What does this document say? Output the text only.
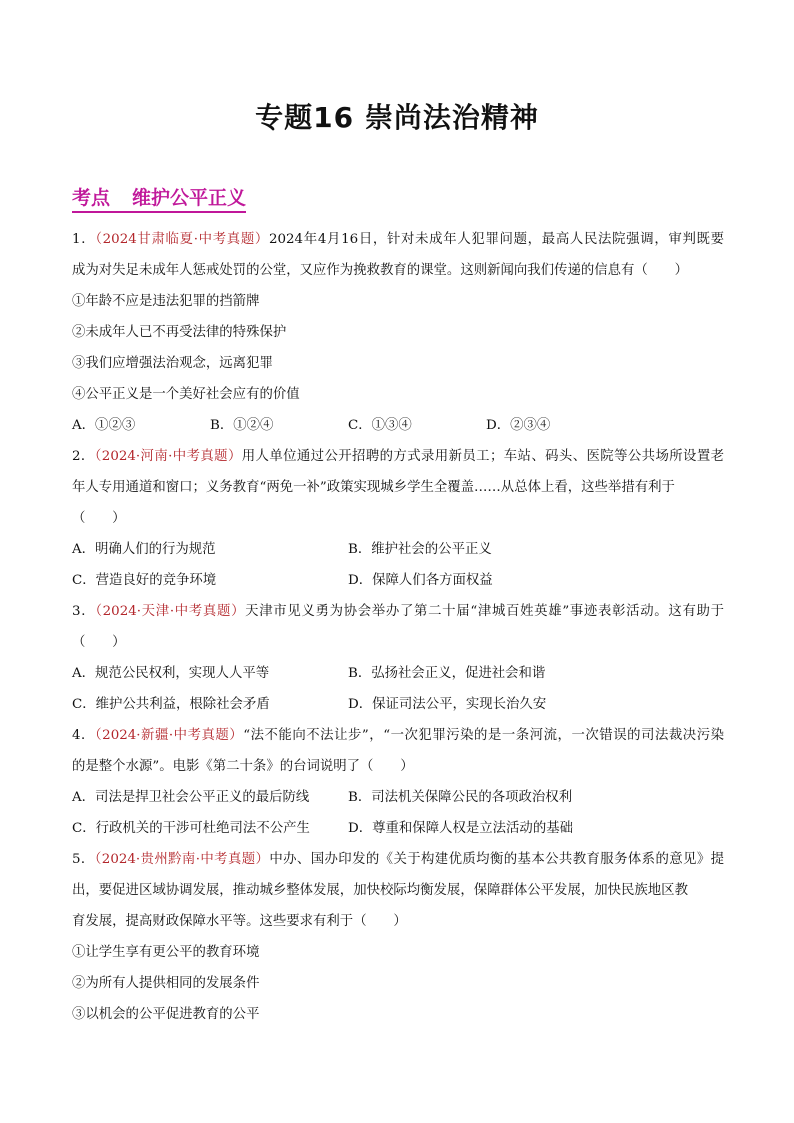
专题16 崇尚法治精神
考点 维护公平正义
1．（2024甘肃临夏·中考真题）2024年4月16日，针对未成年人犯罪问题，最高人民法院强调，审判既要
成为对失足未成年人惩戒处罚的公堂，又应作为挽救教育的课堂。这则新闻向我们传递的信息有（　　）
①年龄不应是违法犯罪的挡箭牌
②未成年人已不再受法律的特殊保护
③我们应增强法治观念，远离犯罪
④公平正义是一个美好社会应有的价值
A．①②③	B．①②④	C．①③④	D．②③④
2．（2024·河南·中考真题）用人单位通过公开招聘的方式录用新员工；车站、码头、医院等公共场所设置老
年人专用通道和窗口；义务教育“两免一补”政策实现城乡学生全覆盖……从总体上看，这些举措有利于
（　　）
A．明确人们的行为规范	B．维护社会的公平正义
C．营造良好的竞争环境	D．保障人们各方面权益
3．（2024·天津·中考真题）天津市见义勇为协会举办了第二十届“津城百姓英雄”事迹表彰活动。这有助于
（　　）
A．规范公民权利，实现人人平等	B．弘扬社会正义，促进社会和谐
C．维护公共利益，根除社会矛盾	D．保证司法公平，实现长治久安
4．（2024·新疆·中考真题）“法不能向不法让步”，“一次犯罪污染的是一条河流，一次错误的司法裁决污染
的是整个水源”。电影《第二十条》的台词说明了（　　）
A．司法是捍卫社会公平正义的最后防线	B．司法机关保障公民的各项政治权利
C．行政机关的干涉可杜绝司法不公产生	D．尊重和保障人权是立法活动的基础
5．（2024·贵州黔南·中考真题）中办、国办印发的《关于构建优质均衡的基本公共教育服务体系的意见》提
出，要促进区域协调发展，推动城乡整体发展，加快校际均衡发展，保障群体公平发展，加快民族地区教
育发展，提高财政保障水平等。这些要求有利于（　　）
①让学生享有更公平的教育环境
②为所有人提供相同的发展条件
③以机会的公平促进教育的公平
